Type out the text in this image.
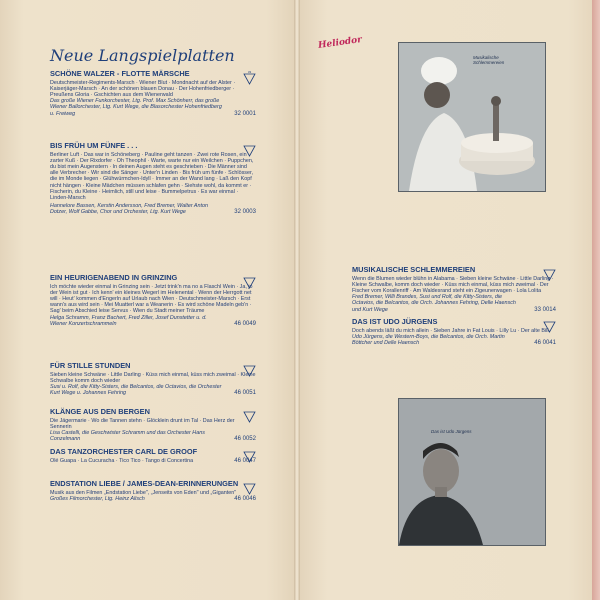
Neue Langspielplatten
33
SCHÖNE WALZER - FLOTTE MÄRSCHE
Deutschmeister-Regiments-Marsch · Wiener Blut · Mondnacht auf der Alster · Kaiserjäger-Marsch · An der schönen blauen Donau · Der Hohenfriedberger · Preußens Gloria · Gschichten aus dem Wienerwald
Das große Wiener Funkorchester, Ltg. Prof. Max Schönherr, das große Wiener Ballorchester, Ltg. Kurt Wege, die Blasorchester Hohenfriedberg u. Freiweg	32 0001
BIS FRÜH UM FÜNFE . . .
Berliner Luft · Das war in Schöneberg · Pauline geht tanzen · Zwei rote Rosen, ein zarter Kuß · Der Rixdorfer · Oh Theophil · Warte, warte nur ein Weilchen · Puppchen, du bist mein Augenstern · In deinen Augen steht es geschrieben · Die Männer sind alle Verbrecher · Wir sind die Sänger · Unter'n Linden · Bis früh um fünfe · Schlösser, die im Monde liegen · Glühwürmchen-Idyll · Immer an der Wand lang · Laß den Kopf nicht hängen · Kleine Mädchen müssen schlafen gehn · Siehste wohl, da kommt er · Fischerin, du Kleine · Heimlich, still und leise · Bummelpetrus · Es war einmal · Linden-Marsch
Hannelore Bassen, Kerstin Andersson, Fred Bremer, Walter Anton Dotzer, Wolf Gabbe, Chor und Orchester, Ltg. Kurt Wege	32 0003
EIN HEURIGENABEND IN GRINZING
Ich möchte wieder einmal in Grinzing sein · Jetzt trink'n ma no a Flaschl Wein · Ja, jo der Wein ist gut · Ich kenn' ein kleines Wegerl im Helenental · Wenn der Herrgott net will · Heut' kommen d'Engerln auf Urlaub nach Wien · Deutschmeister-Marsch · Erst wann's aus wird sein · Mei Muatterl war a Weanerin · Es wird schöne Madeln geb'n · Sag' beim Abschied leise Servus · Wien du Stadt meiner Träume
Helga Schramm, Franz Bachert, Fred Ziller, Josef Dunstetter u. d. Wiener Konzertschrammeln	46 0049
FÜR STILLE STUNDEN
Sieben kleine Schwäne · Little Darling · Küss mich einmal, küss mich zweimal · Kleine Schwalbe komm doch wieder
Susi u. Rolf, die Kitty-Sisters, die Belcantos, die Octavios, die Orchester Kurt Wege u. Johannes Fehring	46 0051
KLÄNGE AUS DEN BERGEN
Die Jägermarie · Wo die Tannen stehn · Glöcklein drunt im Tal · Das Herz der Sennerin
Lisa Castelli, die Geschwister Schramm und das Orchester Hans Conzelmann	46 0052
DAS TANZORCHESTER CARL DE GROOF
Olé Guapa · La Cucuracha · Tico Tico · Tango di Concertina	46 0047
ENDSTATION LIEBE / JAMES-DEAN-ERINNERUNGEN
Musik aus den Filmen „Endstation Liebe", „Jenseits von Eden" und „Giganten"
Großes Filmorchester, Ltg. Heinz Alisch	46 0046
Heliodor
Musikalische Schlemmereien
MUSIKALISCHE SCHLEMMEREIEN
Wenn die Blumen wieder blühn in Alabama · Sieben kleine Schwäne · Little Darling · Kleine Schwalbe, komm doch wieder · Küss mich einmal, küss mich zweimal · Der Fischer vom Korallenriff · Am Waldesrand steht ein Zigeunerwagen · Lola Lolita
Fred Bremer, Willi Brandes, Susi und Rolf, die Kitty-Sisters, die Octavios, die Belcantos, die Orch. Johannes Fehring, Delle Haensch und Kurt Wege	33 0014
DAS IST UDO JÜRGENS
Doch abends läßt du mich allein · Sieben Jahre in Fat Louis · Lilly Lu · Der alte Bill
Udo Jürgens, die Western-Boys, die Belcantos, die Orch. Martin Böttcher und Delle Haensch	46 0041
Das ist Udo Jürgens
